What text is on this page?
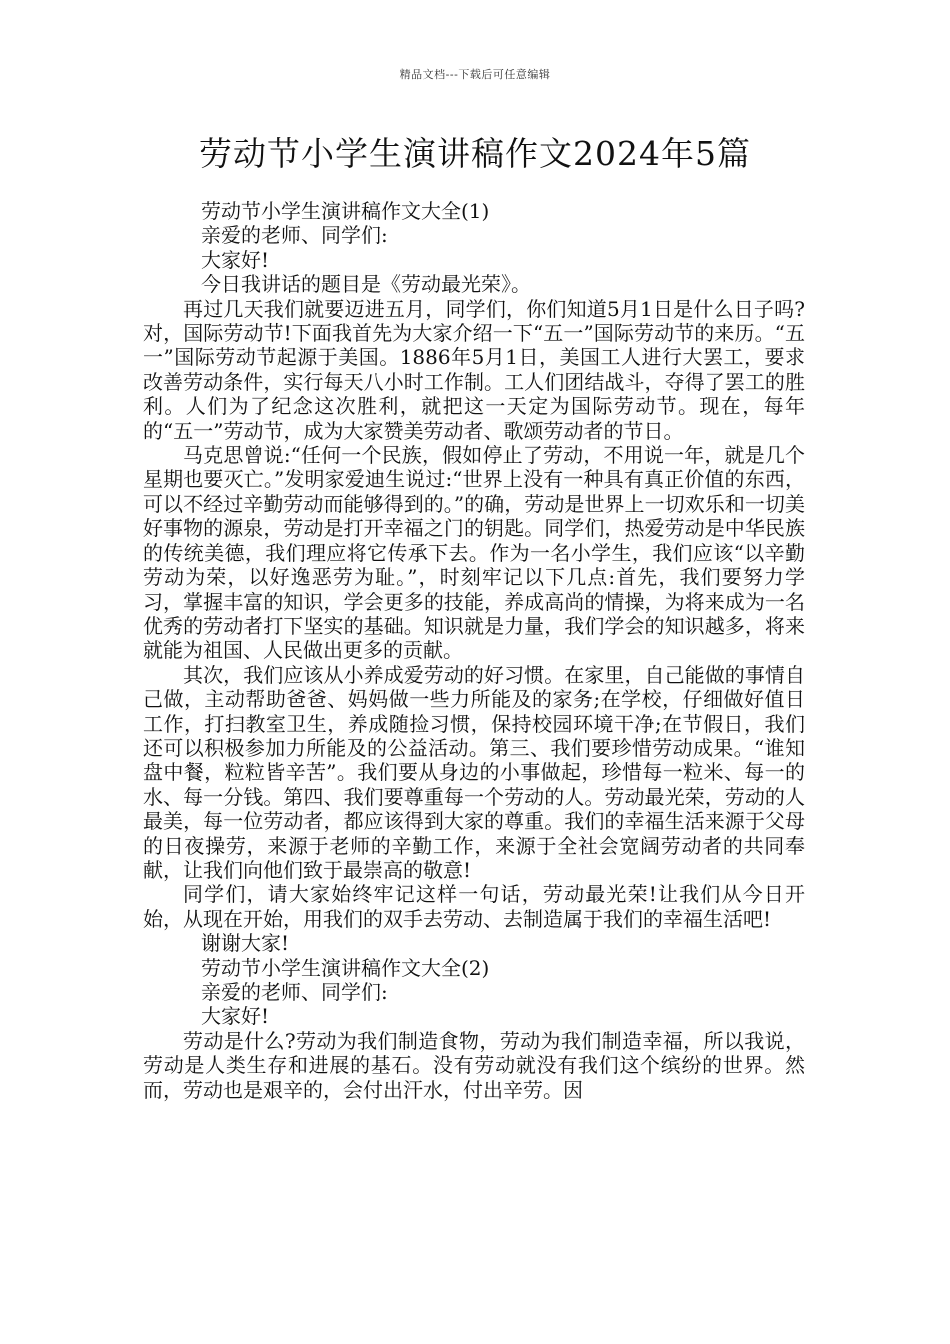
精品文档---下载后可任意编辑
劳动节小学生演讲稿作文2024年5篇

劳动节小学生演讲稿作文大全(1)

亲爱的老师、同学们:

大家好!

今日我讲话的题目是《劳动最光荣》。

再过几天我们就要迈进五月，同学们，你们知道5月1日是什么日子吗?对，国际劳动节!下面我首先为大家介绍一下“五一”国际劳动节的来历。“五一”国际劳动节起源于美国。1886年5月1日，美国工人进行大罢工，要求改善劳动条件，实行每天八小时工作制。工人们团结战斗，夺得了罢工的胜利。人们为了纪念这次胜利，就把这一天定为国际劳动节。现在，每年的“五一”劳动节，成为大家赞美劳动者、歌颂劳动者的节日。

马克思曾说:“任何一个民族，假如停止了劳动，不用说一年，就是几个星期也要灭亡。”发明家爱迪生说过:“世界上没有一种具有真正价值的东西，可以不经过辛勤劳动而能够得到的。”的确，劳动是世界上一切欢乐和一切美好事物的源泉，劳动是打开幸福之门的钥匙。同学们，热爱劳动是中华民族的传统美德，我们理应将它传承下去。作为一名小学生，我们应该“以辛勤劳动为荣，以好逸恶劳为耻。”，时刻牢记以下几点:首先，我们要努力学习，掌握丰富的知识，学会更多的技能，养成高尚的情操，为将来成为一名优秀的劳动者打下坚实的基础。知识就是力量，我们学会的知识越多，将来就能为祖国、人民做出更多的贡献。

其次，我们应该从小养成爱劳动的好习惯。在家里，自己能做的事情自己做，主动帮助爸爸、妈妈做一些力所能及的家务;在学校，仔细做好值日工作，打扫教室卫生，养成随捡习惯，保持校园环境干净;在节假日，我们还可以积极参加力所能及的公益活动。第三、我们要珍惜劳动成果。“谁知盘中餐，粒粒皆辛苦”。我们要从身边的小事做起，珍惜每一粒米、每一的水、每一分钱。第四、我们要尊重每一个劳动的人。劳动最光荣，劳动的人最美，每一位劳动者，都应该得到大家的尊重。我们的幸福生活来源于父母的日夜操劳，来源于老师的辛勤工作，来源于全社会宽阔劳动者的共同奉献，让我们向他们致于最崇高的敬意!

同学们，请大家始终牢记这样一句话，劳动最光荣!让我们从今日开始，从现在开始，用我们的双手去劳动、去制造属于我们的幸福生活吧!

谢谢大家!

劳动节小学生演讲稿作文大全(2)

亲爱的老师、同学们:

大家好!

劳动是什么?劳动为我们制造食物，劳动为我们制造幸福，所以我说，劳动是人类生存和进展的基石。没有劳动就没有我们这个缤纷的世界。然而，劳动也是艰辛的，会付出汗水，付出辛劳。因
